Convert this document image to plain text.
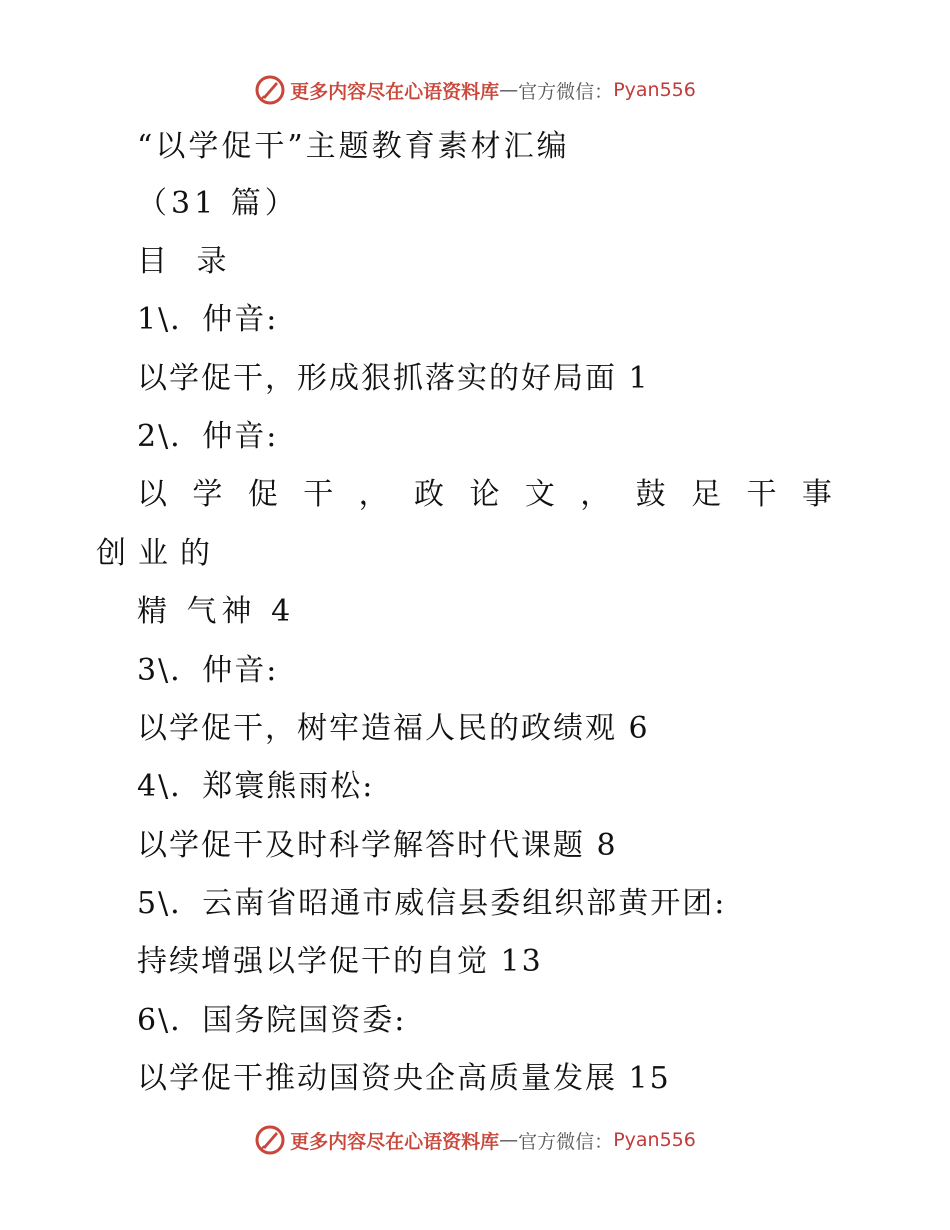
更多内容尽在心语资料库 — 官方微信： Pyan556
“以学促干”主题教育素材汇编
（31 篇）
目 录
1\．仲音:
以学促干，形成狠抓落实的好局面 1
2\．仲音:
以 学 促 干 ， 政 论 文 ， 鼓 足 干 事
创业的
精 气神 4
3\．仲音:
以学促干，树牢造福人民的政绩观 6
4\．郑寰熊雨松:
以学促干及时科学解答时代课题 8
5\．云南省昭通市威信县委组织部黄开团:
持续增强以学促干的自觉 13
6\．国务院国资委:
以学促干推动国资央企高质量发展 15
更多内容尽在心语资料库 — 官方微信： Pyan556
